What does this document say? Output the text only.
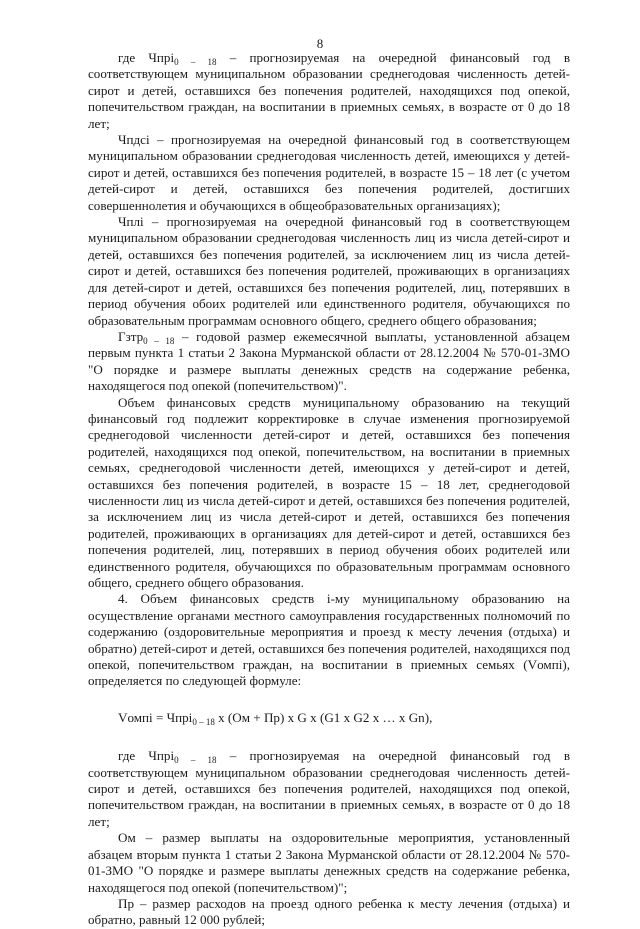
8

где Чпрі$_{0 - 18}$ – прогнозируемая на очередной финансовый год в соответствующем муниципальном образовании среднегодовая численность детей-сирот и детей, оставшихся без попечения родителей, находящихся под опекой, попечительством граждан, на воспитании в приемных семьях, в возрасте от 0 до 18 лет;

Чпдсі – прогнозируемая на очередной финансовый год в соответствующем муниципальном образовании среднегодовая численность детей, имеющихся у детей-сирот и детей, оставшихся без попечения родителей, в возрасте 15 – 18 лет (с учетом детей-сирот и детей, оставшихся без попечения родителей, достигших совершеннолетия и обучающихся в общеобразовательных организациях);

Чплі – прогнозируемая на очередной финансовый год в соответствующем муниципальном образовании среднегодовая численность лиц из числа детей-сирот и детей, оставшихся без попечения родителей, за исключением лиц из числа детей-сирот и детей, оставшихся без попечения родителей, проживающих в организациях для детей-сирот и детей, оставшихся без попечения родителей, лиц, потерявших в период обучения обоих родителей или единственного родителя, обучающихся по образовательным программам основного общего, среднего общего образования;

Гзтр$_{0 - 18}$ – годовой размер ежемесячной выплаты, установленной абзацем первым пункта 1 статьи 2 Закона Мурманской области от 28.12.2004 № 570-01-ЗМО "О порядке и размере выплаты денежных средств на содержание ребенка, находящегося под опекой (попечительством)".

Объем финансовых средств муниципальному образованию на текущий финансовый год подлежит корректировке в случае изменения прогнозируемой среднегодовой численности детей-сирот и детей, оставшихся без попечения родителей, находящихся под опекой, попечительством, на воспитании в приемных семьях, среднегодовой численности детей, имеющихся у детей-сирот и детей, оставшихся без попечения родителей, в возрасте 15 – 18 лет, среднегодовой численности лиц из числа детей-сирот и детей, оставшихся без попечения родителей, за исключением лиц из числа детей-сирот и детей, оставшихся без попечения родителей, проживающих в организациях для детей-сирот и детей, оставшихся без попечения родителей, лиц, потерявших в период обучения обоих родителей или единственного родителя, обучающихся по образовательным программам основного общего, среднего общего образования.

4. Объем финансовых средств і-му муниципальному образованию на осуществление органами местного самоуправления государственных полномочий по содержанию (оздоровительные мероприятия и проезд к месту лечения (отдыха) и обратно) детей-сирот и детей, оставшихся без попечения родителей, находящихся под опекой, попечительством граждан, на воспитании в приемных семьях (Vомпі), определяется по следующей формуле:

Vомпі = Чпрі$_{0 - 18}$ х (Ом + Пр) х G х (G1 х G2 х … х Gn),

где Чпрі$_{0 - 18}$ – прогнозируемая на очередной финансовый год в соответствующем муниципальном образовании среднегодовая численность детей-сирот и детей, оставшихся без попечения родителей, находящихся под опекой, попечительством граждан, на воспитании в приемных семьях, в возрасте от 0 до 18 лет;

Ом – размер выплаты на оздоровительные мероприятия, установленный абзацем вторым пункта 1 статьи 2 Закона Мурманской области от 28.12.2004 № 570-01-ЗМО "О порядке и размере выплаты денежных средств на содержание ребенка, находящегося под опекой (попечительством)";

Пр – размер расходов на проезд одного ребенка к месту лечения (отдыха) и обратно, равный 12 000 рублей;
